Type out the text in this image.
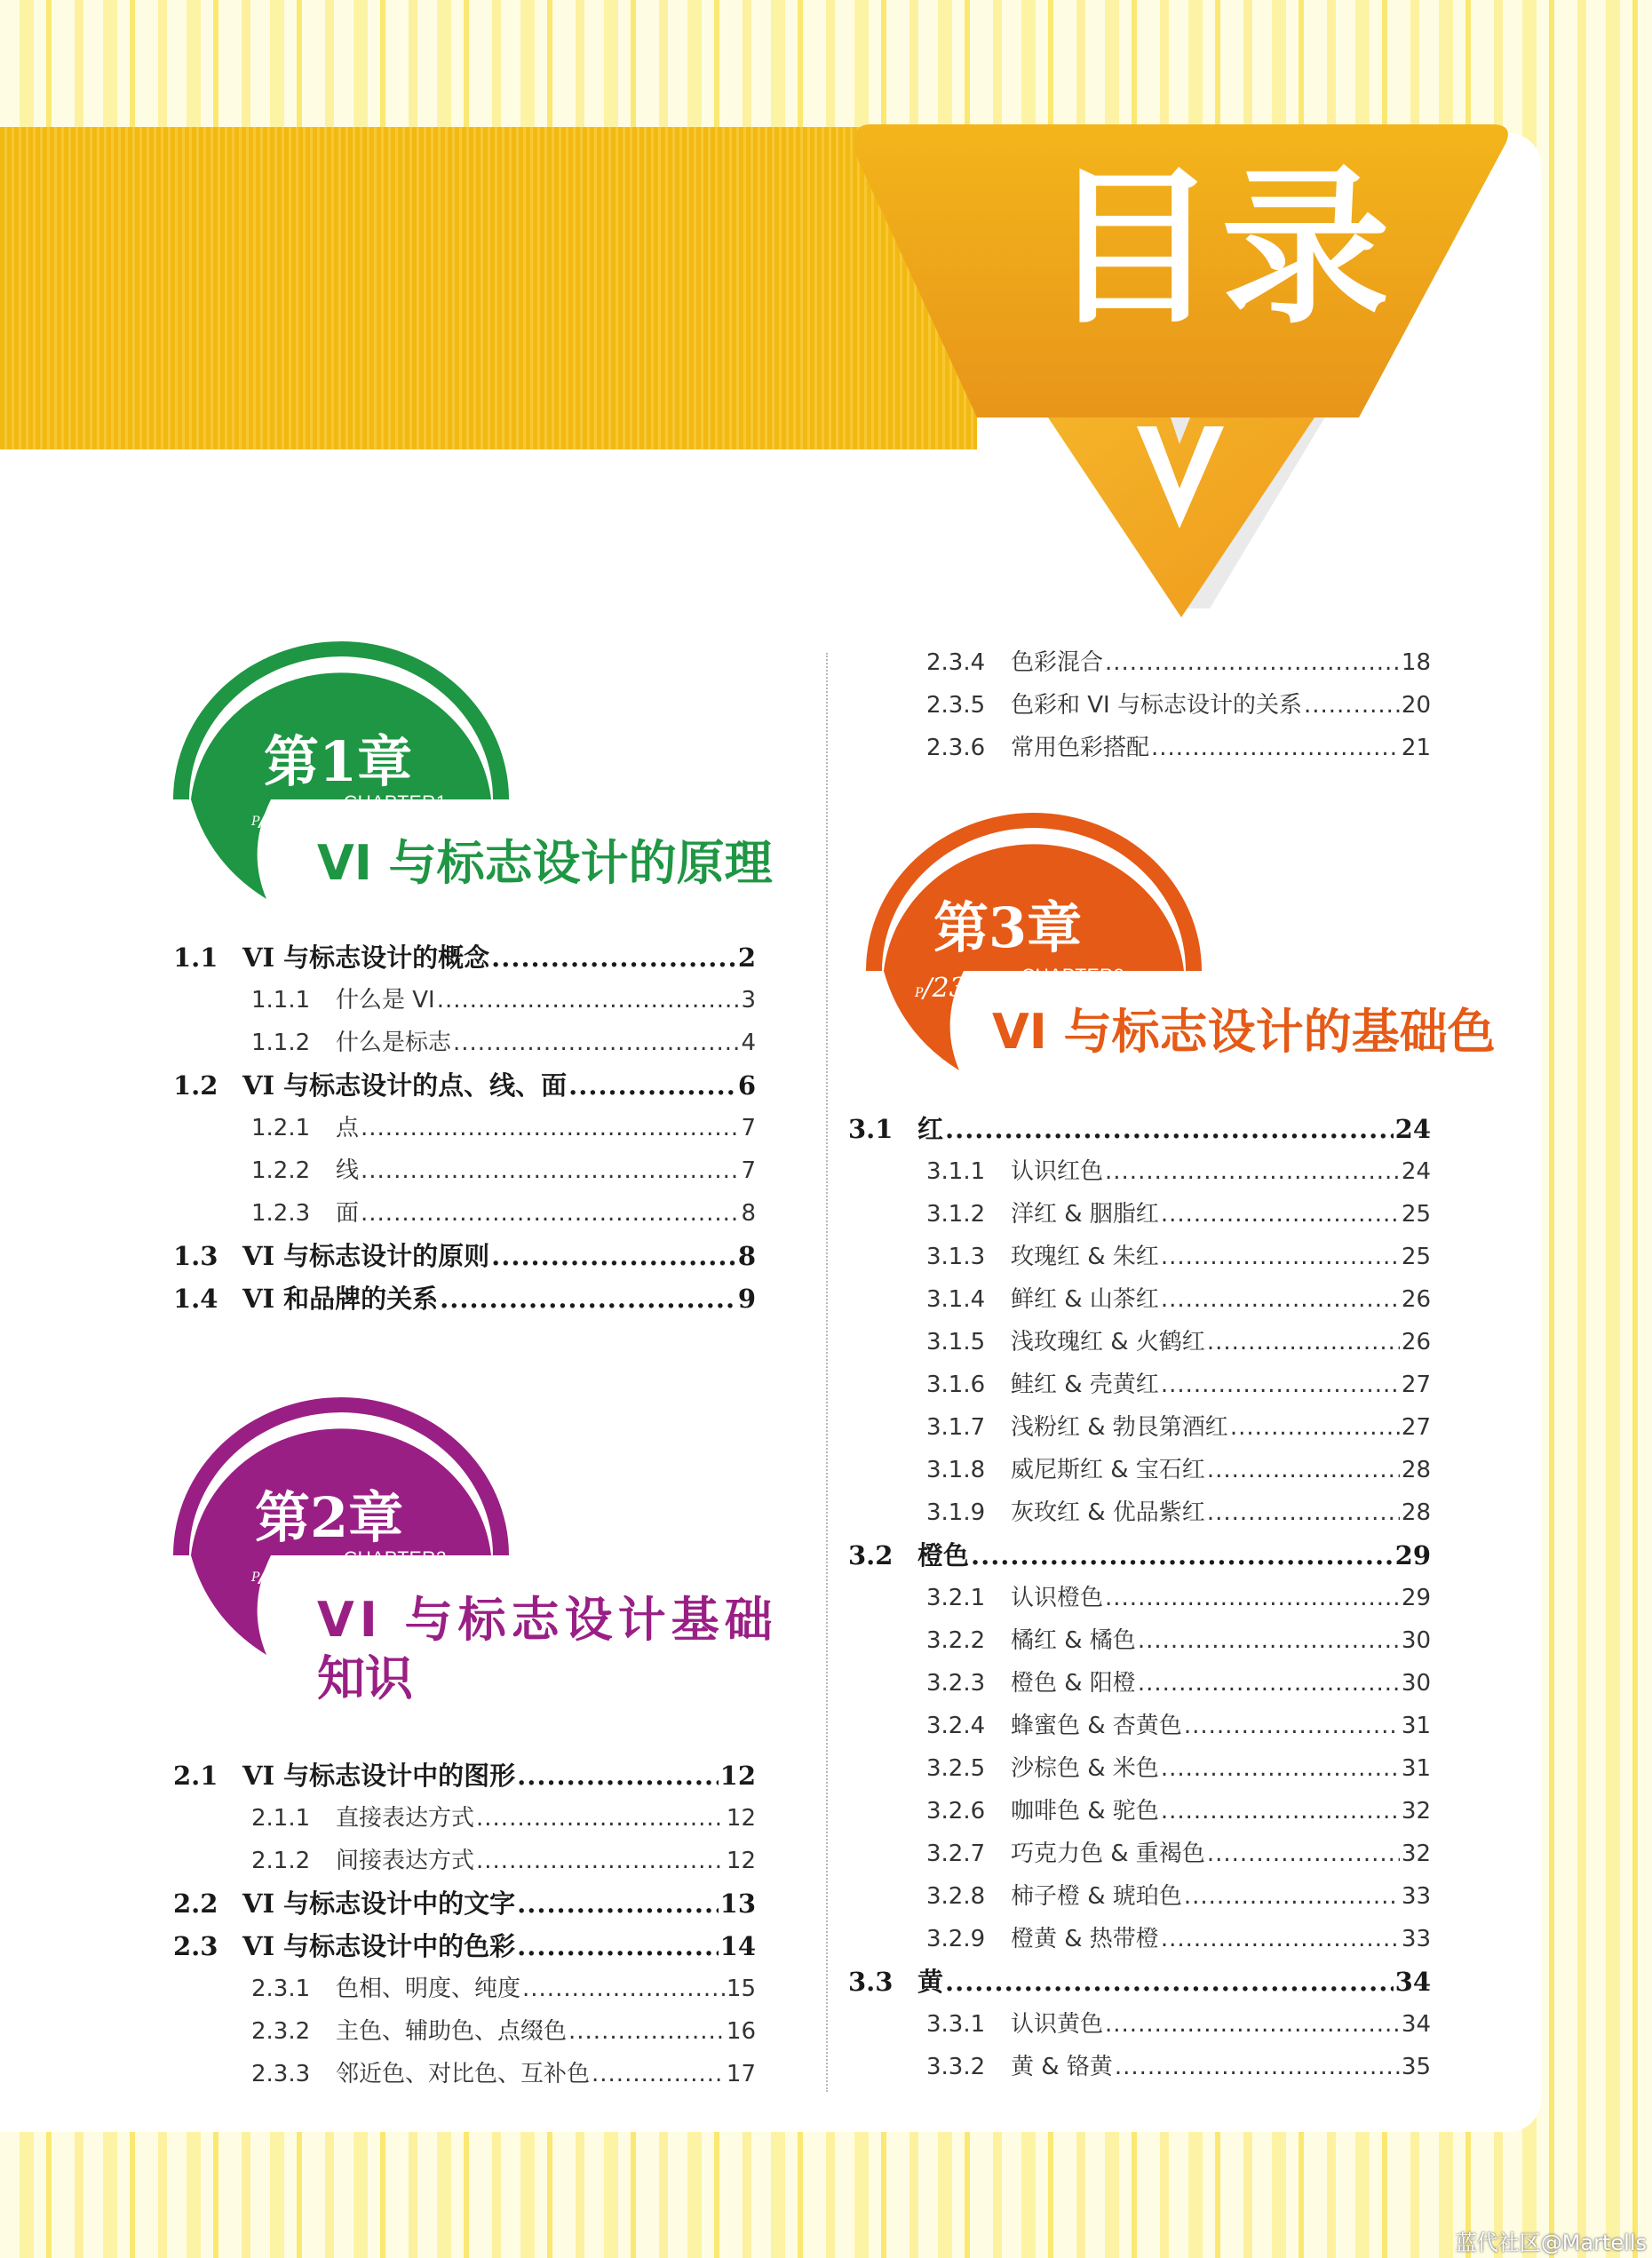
目录
第1章
CHAPTER1
P/01
VI 与标志设计的原理
1.1 VI 与标志设计的概念 .....	2
1.1.1	什么是 VI .....	3
1.1.2	什么是标志 .....	4
1.2 VI 与标志设计的点、线、面 .....	6
1.2.1	点 .....	7
1.2.2	线 .....	7
1.2.3	面 .....	8
1.3 VI 与标志设计的原则 .....	8
1.4 VI 和品牌的关系 .....	9
第2章
CHAPTER2
P/11
VI 与标志设计基础
知识
2.1 VI 与标志设计中的图形 .....	12
2.1.1	直接表达方式 .....	12
2.1.2	间接表达方式 .....	12
2.2 VI 与标志设计中的文字 .....	13
2.3 VI 与标志设计中的色彩 .....	14
2.3.1	色相、明度、纯度 .....	15
2.3.2	主色、辅助色、点缀色 .....	16
2.3.3	邻近色、对比色、互补色 .....	17
2.3.4	色彩混合 .....	18
2.3.5	色彩和 VI 与标志设计的关系 .....	20
2.3.6	常用色彩搭配 .....	21
第3章
CHAPTER3
P/23
VI 与标志设计的基础色
3.1 红 .....	24
3.1.1	认识红色 .....	24
3.1.2	洋红 & 胭脂红 .....	25
3.1.3	玫瑰红 & 朱红 .....	25
3.1.4	鲜红 & 山茶红 .....	26
3.1.5	浅玫瑰红 & 火鹤红 .....	26
3.1.6	鲑红 & 壳黄红 .....	27
3.1.7	浅粉红 & 勃艮第酒红 .....	27
3.1.8	威尼斯红 & 宝石红 .....	28
3.1.9	灰玫红 & 优品紫红 .....	28
3.2 橙色 .....	29
3.2.1	认识橙色 .....	29
3.2.2	橘红 & 橘色 .....	30
3.2.3	橙色 & 阳橙 .....	30
3.2.4	蜂蜜色 & 杏黄色 .....	31
3.2.5	沙棕色 & 米色 .....	31
3.2.6	咖啡色 & 驼色 .....	32
3.2.7	巧克力色 & 重褐色 .....	32
3.2.8	柿子橙 & 琥珀色 .....	33
3.2.9	橙黄 & 热带橙 .....	33
3.3 黄 .....	34
3.3.1	认识黄色 .....	34
3.3.2	黄 & 铬黄 .....	35
蓝代社区@Martells
